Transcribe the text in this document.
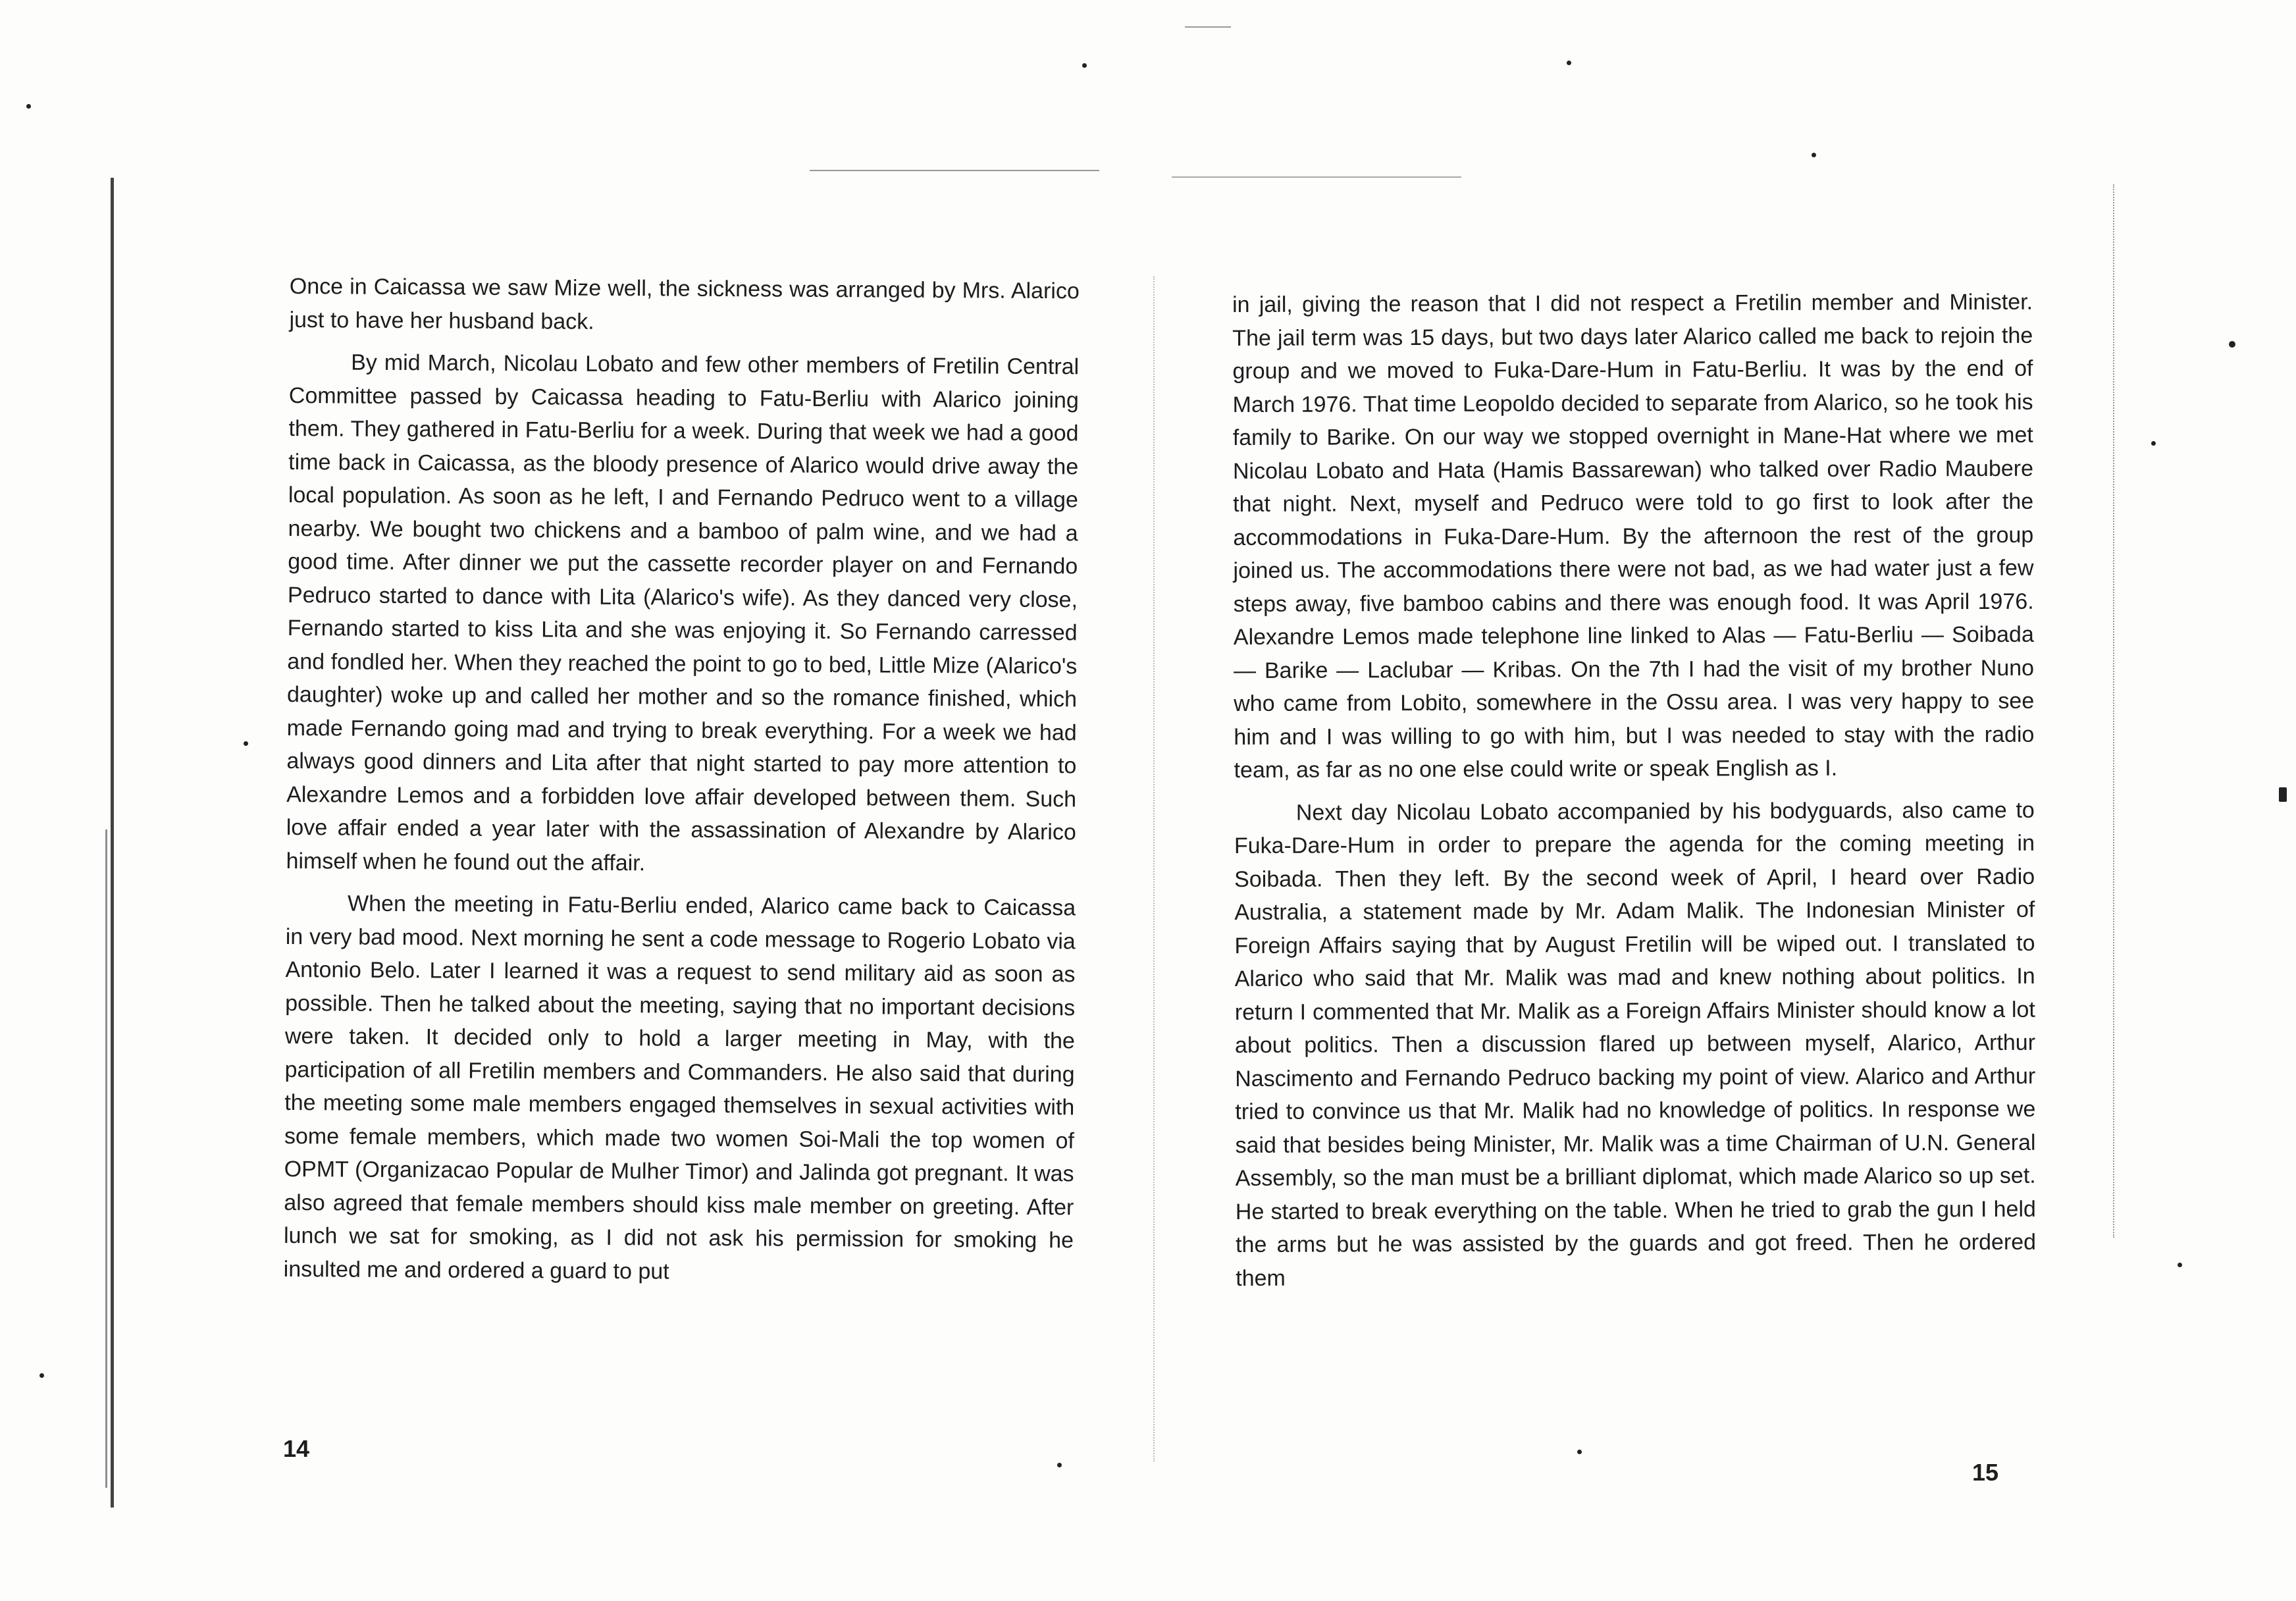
Once in Caicassa we saw Mize well, the sickness was arranged by Mrs. Alarico just to have her husband back.

By mid March, Nicolau Lobato and few other members of Fretilin Central Committee passed by Caicassa heading to Fatu-Berliu with Alarico joining them. They gathered in Fatu-Berliu for a week. During that week we had a good time back in Caicassa, as the bloody presence of Alarico would drive away the local population. As soon as he left, I and Fernando Pedruco went to a village nearby. We bought two chickens and a bamboo of palm wine, and we had a good time. After dinner we put the cassette recorder player on and Fernando Pedruco started to dance with Lita (Alarico's wife). As they danced very close, Fernando started to kiss Lita and she was enjoying it. So Fernando carressed and fondled her. When they reached the point to go to bed, Little Mize (Alarico's daughter) woke up and called her mother and so the romance finished, which made Fernando going mad and trying to break everything. For a week we had always good dinners and Lita after that night started to pay more attention to Alexandre Lemos and a forbidden love affair developed between them. Such love affair ended a year later with the assassination of Alexandre by Alarico himself when he found out the affair.

When the meeting in Fatu-Berliu ended, Alarico came back to Caicassa in very bad mood. Next morning he sent a code message to Rogerio Lobato via Antonio Belo. Later I learned it was a request to send military aid as soon as possible. Then he talked about the meeting, saying that no important decisions were taken. It decided only to hold a larger meeting in May, with the participation of all Fretilin members and Commanders. He also said that during the meeting some male members engaged themselves in sexual activities with some female members, which made two women Soi-Mali the top women of OPMT (Organizacao Popular de Mulher Timor) and Jalinda got pregnant. It was also agreed that female members should kiss male member on greeting. After lunch we sat for smoking, as I did not ask his permission for smoking he insulted me and ordered a guard to put

14

in jail, giving the reason that I did not respect a Fretilin member and Minister. The jail term was 15 days, but two days later Alarico called me back to rejoin the group and we moved to Fuka-Dare-Hum in Fatu-Berliu. It was by the end of March 1976. That time Leopoldo decided to separate from Alarico, so he took his family to Barike. On our way we stopped overnight in Mane-Hat where we met Nicolau Lobato and Hata (Hamis Bassarewan) who talked over Radio Maubere that night. Next, myself and Pedruco were told to go first to look after the accommodations in Fuka-Dare-Hum. By the afternoon the rest of the group joined us. The accommodations there were not bad, as we had water just a few steps away, five bamboo cabins and there was enough food. It was April 1976. Alexandre Lemos made telephone line linked to Alas — Fatu-Berliu — Soibada — Barike — Laclubar — Kribas. On the 7th I had the visit of my brother Nuno who came from Lobito, somewhere in the Ossu area. I was very happy to see him and I was willing to go with him, but I was needed to stay with the radio team, as far as no one else could write or speak English as I.

Next day Nicolau Lobato accompanied by his bodyguards, also came to Fuka-Dare-Hum in order to prepare the agenda for the coming meeting in Soibada. Then they left. By the second week of April, I heard over Radio Australia, a statement made by Mr. Adam Malik. The Indonesian Minister of Foreign Affairs saying that by August Fretilin will be wiped out. I translated to Alarico who said that Mr. Malik was mad and knew nothing about politics. In return I commented that Mr. Malik as a Foreign Affairs Minister should know a lot about politics. Then a discussion flared up between myself, Alarico, Arthur Nascimento and Fernando Pedruco backing my point of view. Alarico and Arthur tried to convince us that Mr. Malik had no knowledge of politics. In response we said that besides being Minister, Mr. Malik was a time Chairman of U.N. General Assembly, so the man must be a brilliant diplomat, which made Alarico so up set. He started to break everything on the table. When he tried to grab the gun I held the arms but he was assisted by the guards and got freed. Then he ordered them

15
